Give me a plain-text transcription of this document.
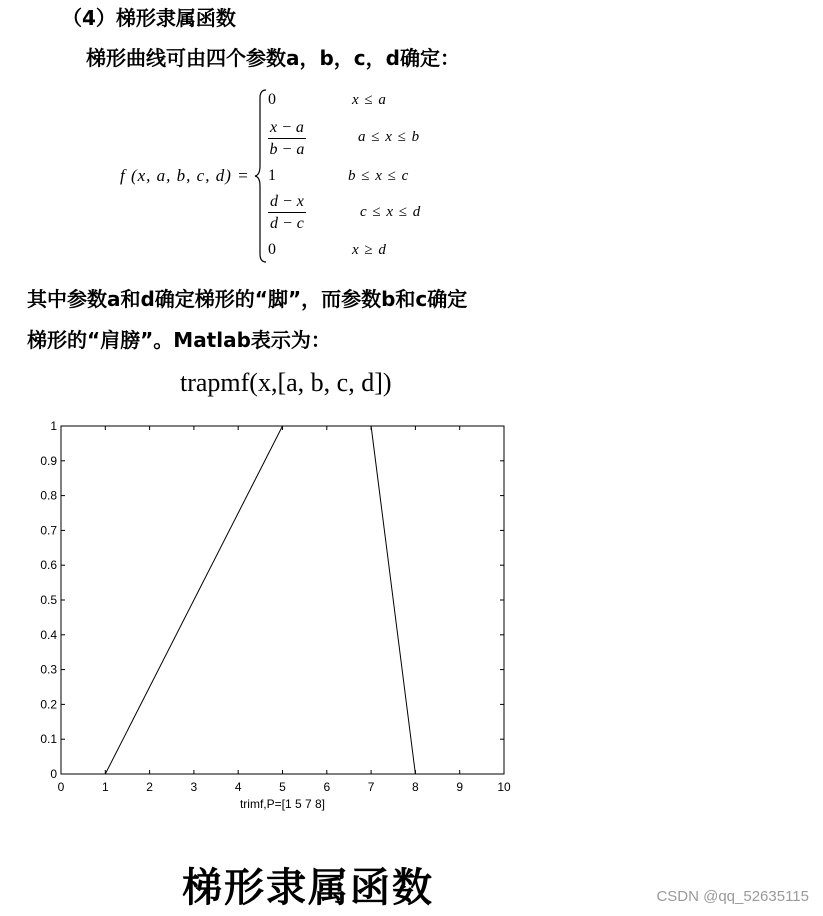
（4）梯形隶属函数
梯形曲线可由四个参数a，b，c，d确定：
f (x, a, b, c, d) =
0	x ≤ a
$\frac{x - a}{b - a}$	a ≤ x ≤ b
1	b ≤ x ≤ c
$\frac{d - x}{d - c}$	c ≤ x ≤ d
0	x ≥ d
其中参数a和d确定梯形的“脚”，而参数b和c确定
梯形的“肩膀”。Matlab表示为：
trapmf(x,[a, b, c, d])
0	1	2	3	4	5	6	7	8	9	10
0
0.1
0.2
0.3
0.4
0.5
0.6
0.7
0.8
0.9
1
trimf,P=[1 5 7 8]
梯形隶属函数	CSDN @qq_52635115
